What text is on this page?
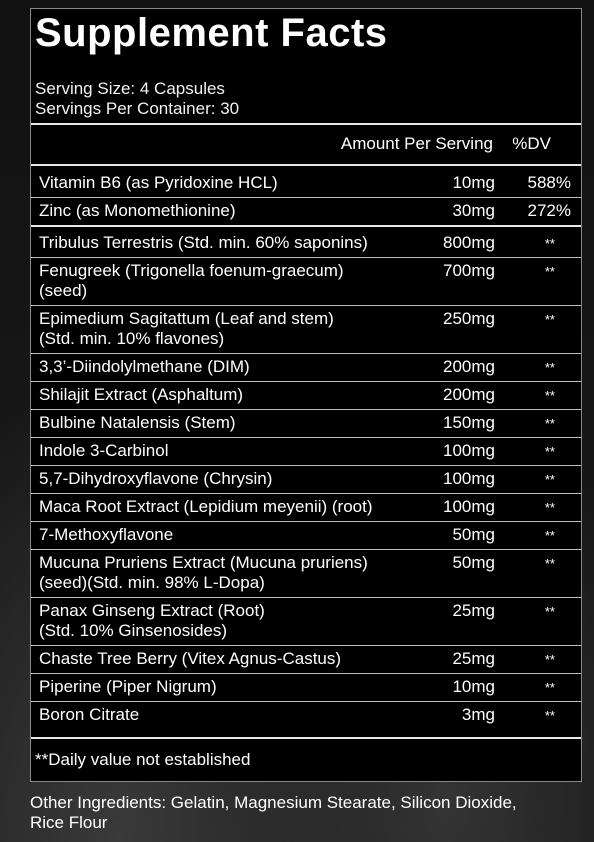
Supplement Facts
Serving Size: 4 Capsules
Servings Per Container: 30
Amount Per Serving %DV
Vitamin B6 (as Pyridoxine HCL)	10mg 588%
Zinc (as Monomethionine)	30mg 272%
Tribulus Terrestris (Std. min. 60% saponins)	800mg	**
Fenugreek (Trigonella foenum-graecum)
(seed)
700mg	**
Epimedium Sagitattum (Leaf and stem)
(Std. min. 10% flavones)
250mg	**
3,3’-Diindolylmethane (DIM)	200mg	**
Shilajit Extract (Asphaltum)	200mg	**
Bulbine Natalensis (Stem)	150mg	**
Indole 3-Carbinol	100mg	**
5,7-Dihydroxyflavone (Chrysin)	100mg	**
Maca Root Extract (Lepidium meyenii) (root)	100mg	**
7-Methoxyflavone	50mg	**
Mucuna Pruriens Extract (Mucuna pruriens)
(seed)(Std. min. 98% L-Dopa)
50mg	**
Panax Ginseng Extract (Root)
(Std. 10% Ginsenosides)
25mg	**
Chaste Tree Berry (Vitex Agnus-Castus)	25mg	**
Piperine (Piper Nigrum)	10mg	**
Boron Citrate	3mg	**
**Daily value not established
Other Ingredients: Gelatin, Magnesium Stearate, Silicon Dioxide, Rice Flour
